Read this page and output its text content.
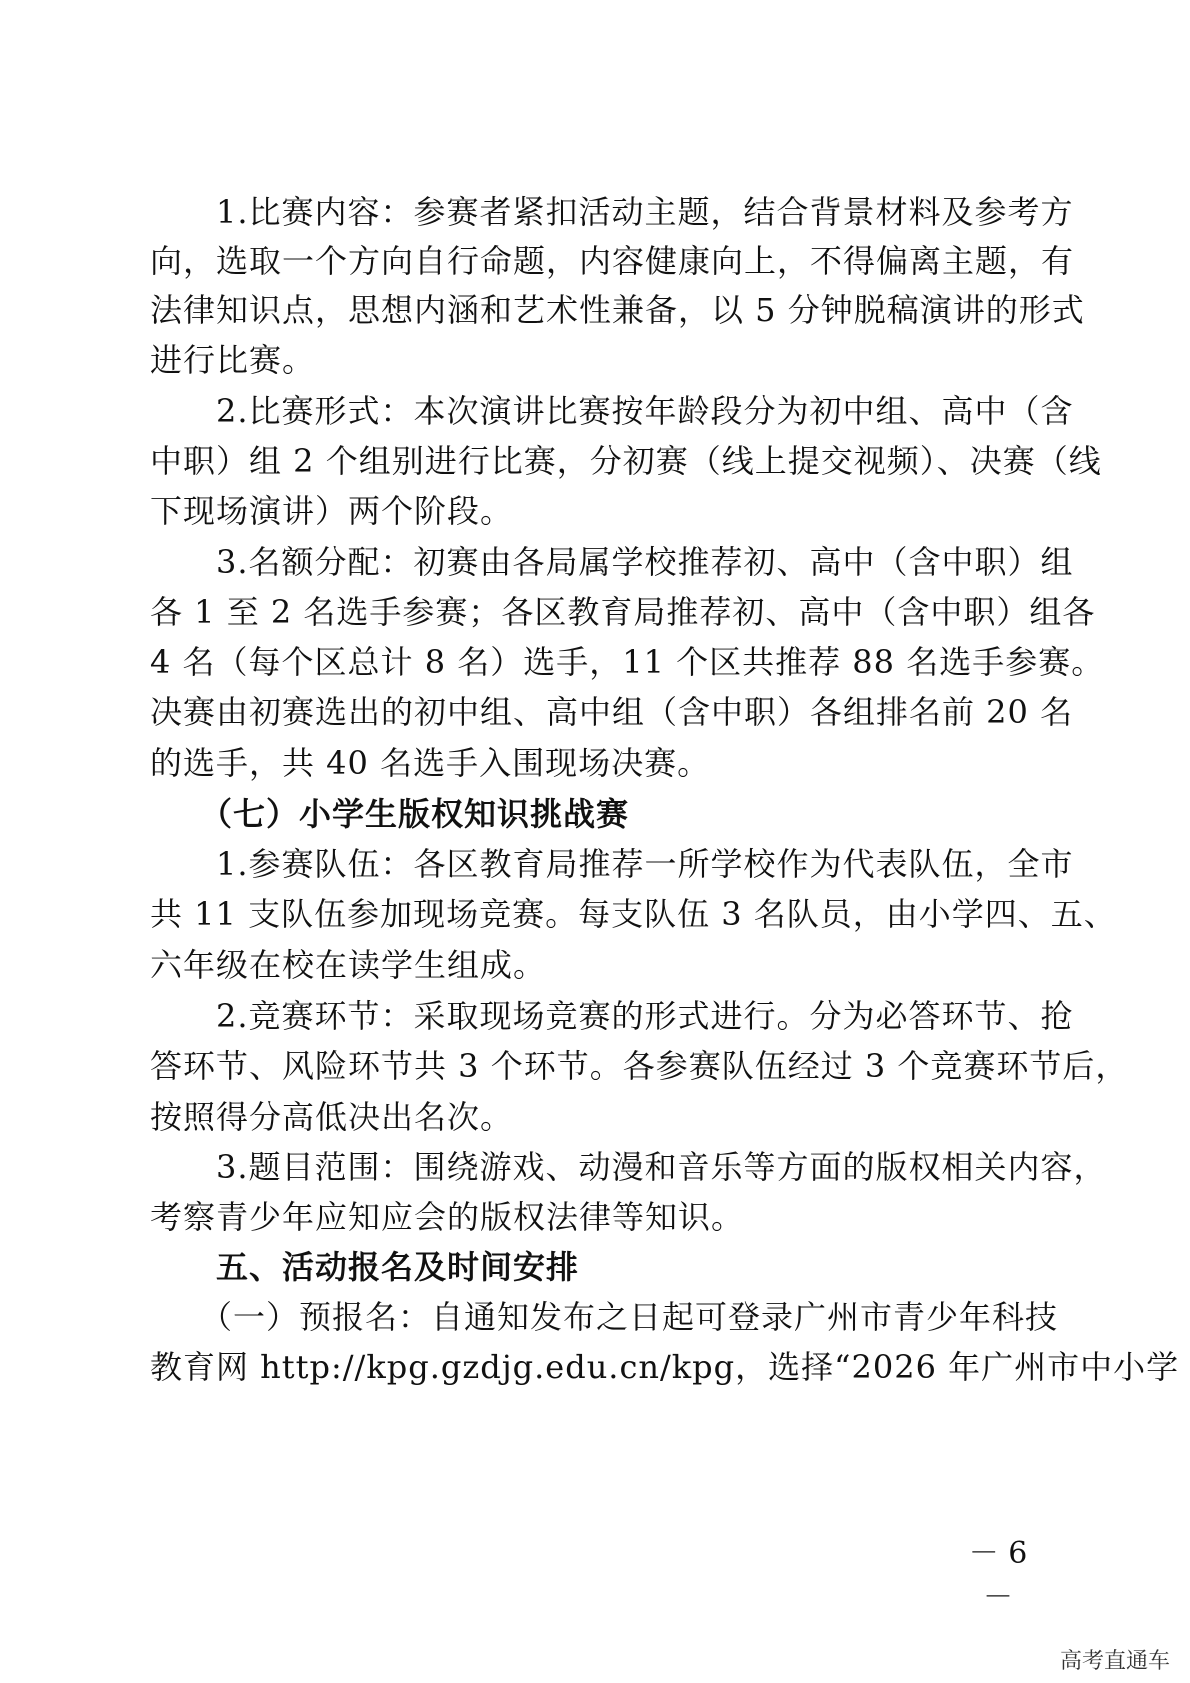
　　1.比赛内容：参赛者紧扣活动主题，结合背景材料及参考方
向，选取一个方向自行命题，内容健康向上，不得偏离主题，有
法律知识点，思想内涵和艺术性兼备，以 5 分钟脱稿演讲的形式
进行比赛。
　　2.比赛形式：本次演讲比赛按年龄段分为初中组、高中（含
中职）组 2 个组别进行比赛，分初赛（线上提交视频）、决赛（线
下现场演讲）两个阶段。
　　3.名额分配：初赛由各局属学校推荐初、高中（含中职）组
各 1 至 2 名选手参赛；各区教育局推荐初、高中（含中职）组各
4 名（每个区总计 8 名）选手，11 个区共推荐 88 名选手参赛。
决赛由初赛选出的初中组、高中组（含中职）各组排名前 20 名
的选手，共 40 名选手入围现场决赛。
　　（七）小学生版权知识挑战赛
　　1.参赛队伍：各区教育局推荐一所学校作为代表队伍，全市
共 11 支队伍参加现场竞赛。每支队伍 3 名队员，由小学四、五、
六年级在校在读学生组成。
　　2.竞赛环节：采取现场竞赛的形式进行。分为必答环节、抢
答环节、风险环节共 3 个环节。各参赛队伍经过 3 个竞赛环节后，
按照得分高低决出名次。
　　3.题目范围：围绕游戏、动漫和音乐等方面的版权相关内容，
考察青少年应知应会的版权法律等知识。
　　五、活动报名及时间安排
　　（一）预报名：自通知发布之日起可登录广州市青少年科技
教育网 http://kpg.gzdjg.edu.cn/kpg，选择“2026 年广州市中小学
－ 6 －
高考直通车
